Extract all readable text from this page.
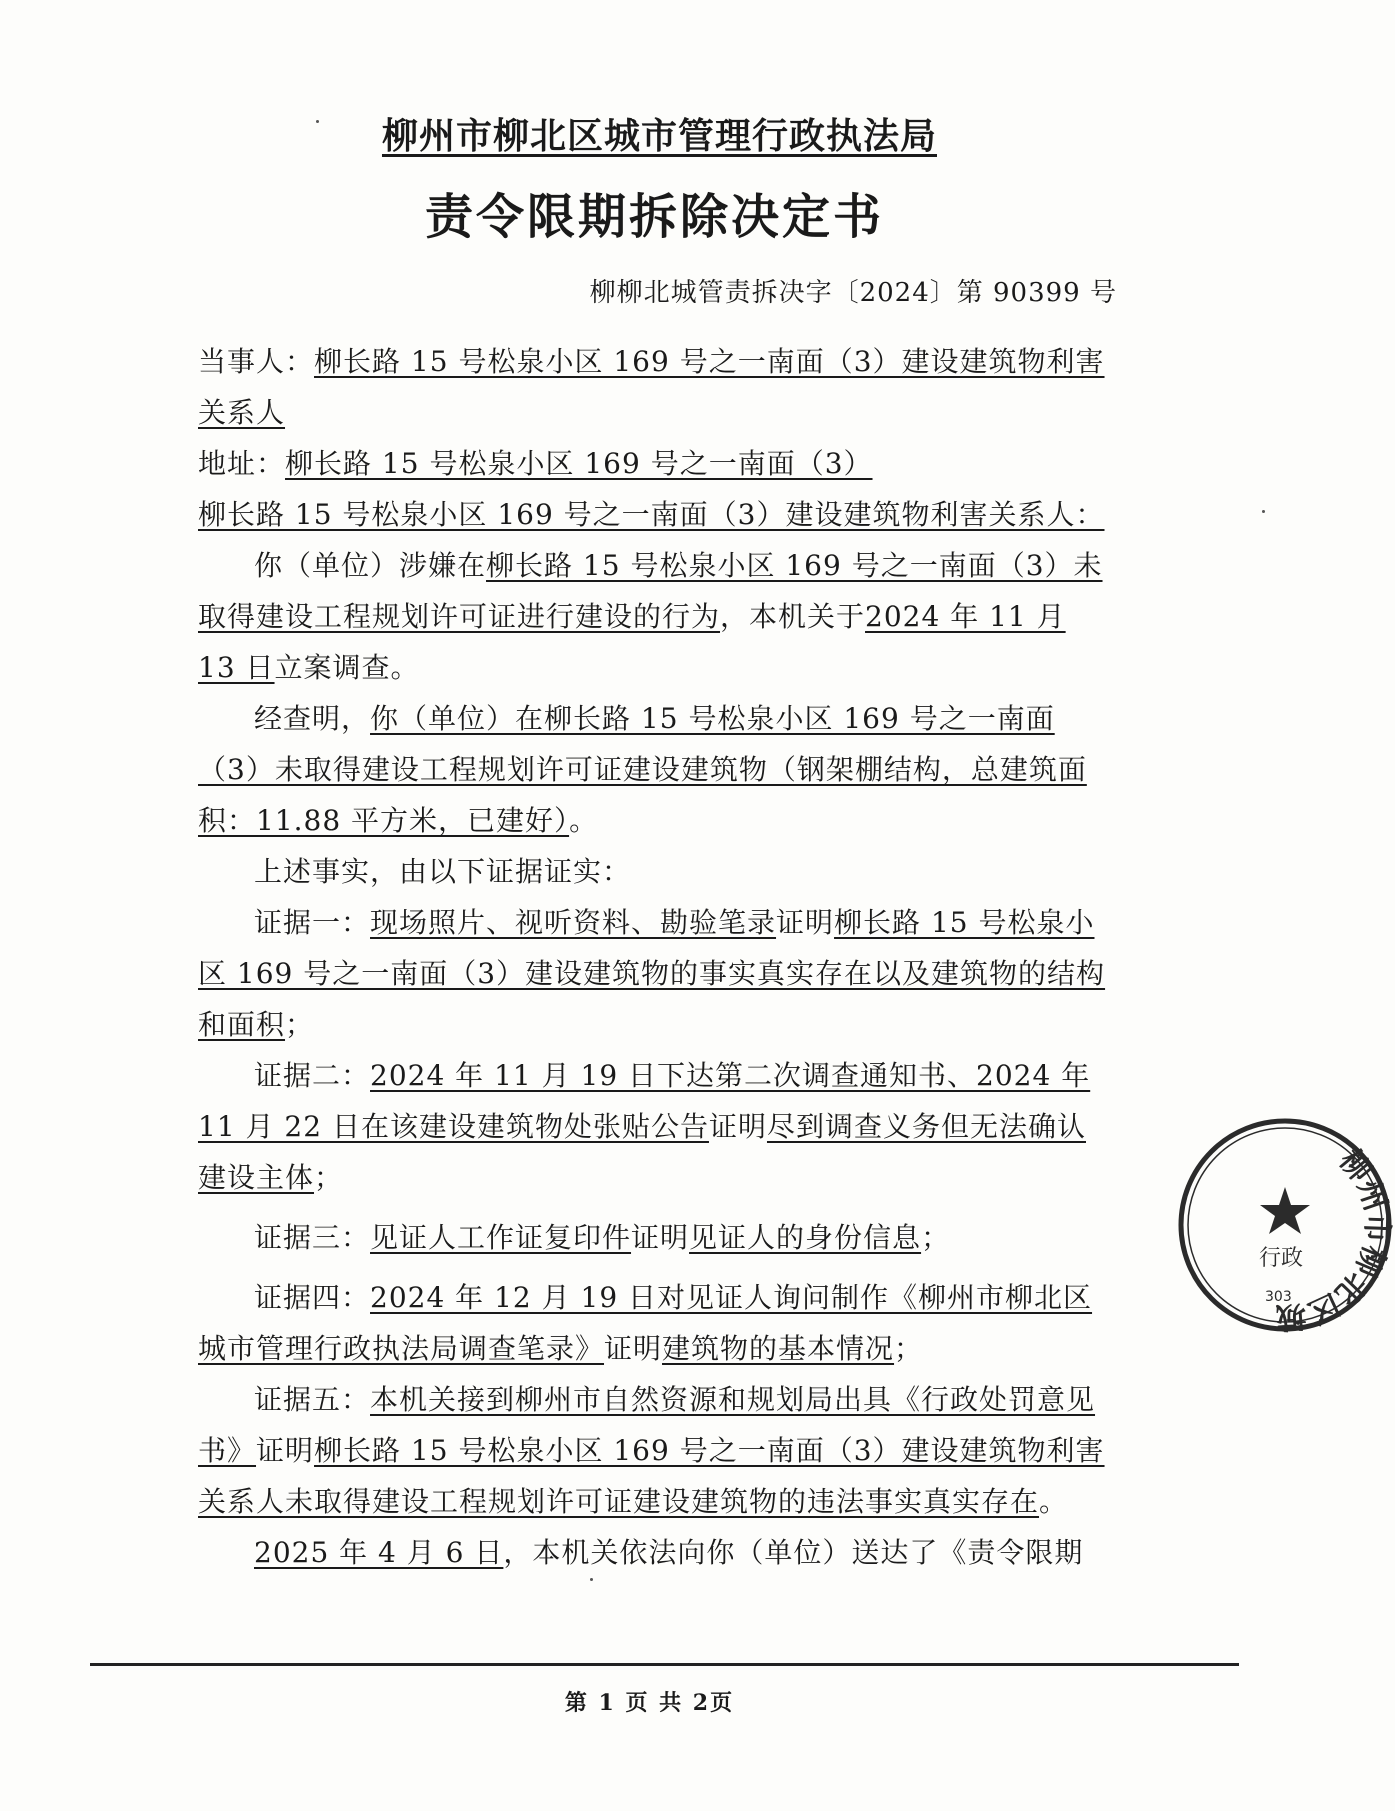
柳州市柳北区城市管理行政执法局
责令限期拆除决定书
柳柳北城管责拆决字〔2024〕第 90399 号

当事人：柳长路 15 号松泉小区 169 号之一南面（3）建设建筑物利害

关系人

地址：柳长路 15 号松泉小区 169 号之一南面（3）

柳长路 15 号松泉小区 169 号之一南面（3）建设建筑物利害关系人：

你（单位）涉嫌在柳长路 15 号松泉小区 169 号之一南面（3）未取得建设工程规划许可证进行建设的行为，本机关于2024 年 11 月 13 日立案调查。

经查明，你（单位）在柳长路 15 号松泉小区 169 号之一南面（3）未取得建设工程规划许可证建设建筑物（钢架棚结构，总建筑面积：11.88 平方米，已建好）。

上述事实，由以下证据证实：

证据一：现场照片、视听资料、勘验笔录证明柳长路 15 号松泉小区 169 号之一南面（3）建设建筑物的事实真实存在以及建筑物的结构和面积；

证据二：2024 年 11 月 19 日下达第二次调查通知书、2024 年 11 月 22 日在该建设建筑物处张贴公告证明尽到调查义务但无法确认建设主体；

证据三：见证人工作证复印件证明见证人的身份信息；

证据四：2024 年 12 月 19 日对见证人询问制作《柳州市柳北区城市管理行政执法局调查笔录》证明建筑物的基本情况；

证据五：本机关接到柳州市自然资源和规划局出具《行政处罚意见书》证明柳长路 15 号松泉小区 169 号之一南面（3）建设建筑物利害关系人未取得建设工程规划许可证建设建筑物的违法事实真实存在。

2025 年 4 月 6 日，本机关依法向你（单位）送达了《责令限期

第 1 页 共 2页
柳州市柳北区城
行政
303
